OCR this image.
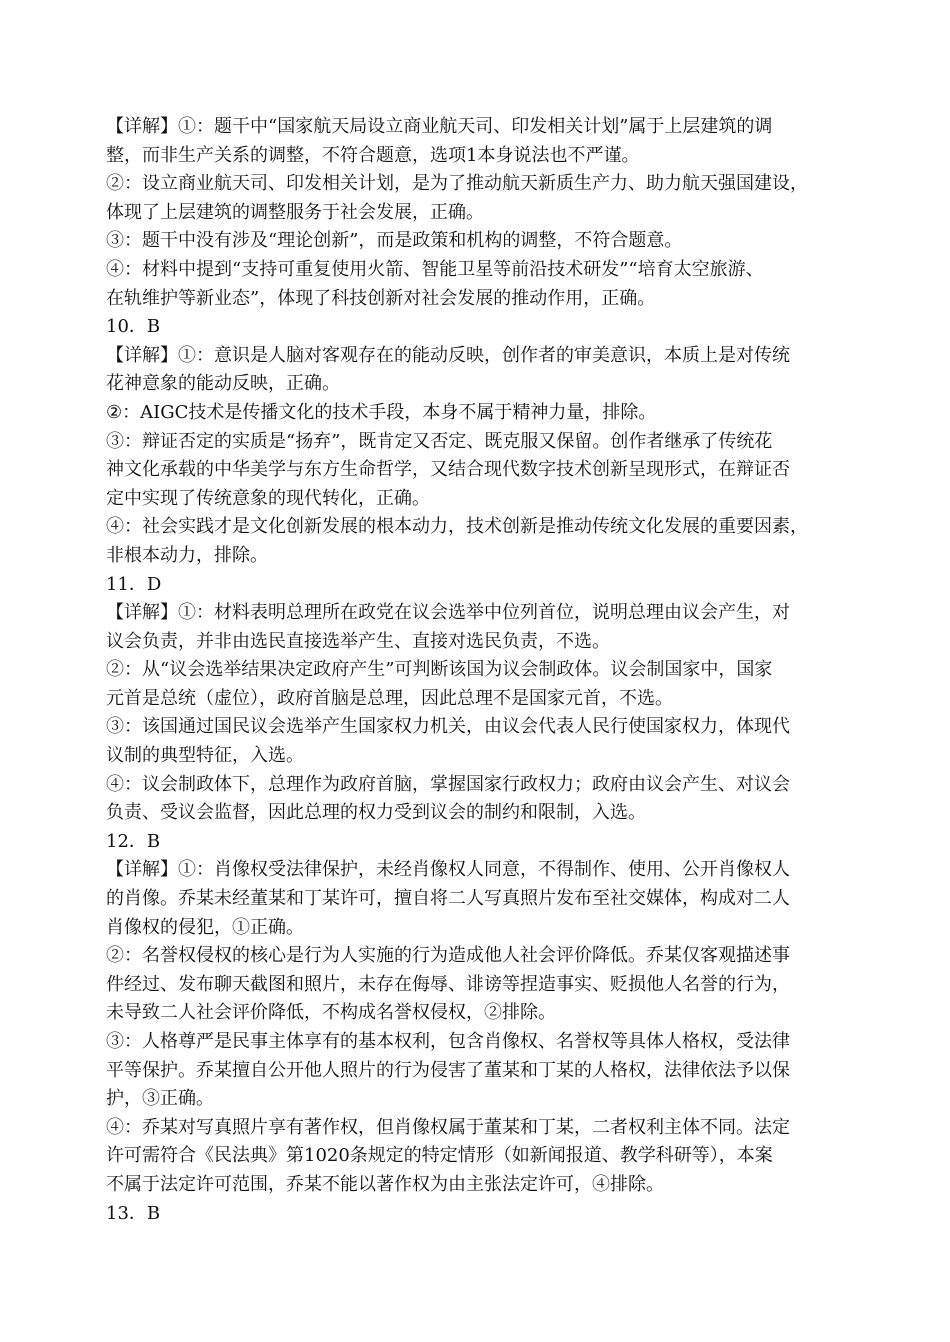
【详解】①：题干中“国家航天局设立商业航天司、印发相关计划”属于上层建筑的调
整，而非生产关系的调整，不符合题意，选项1本身说法也不严谨。
②：设立商业航天司、印发相关计划，是为了推动航天新质生产力、助力航天强国建设，
体现了上层建筑的调整服务于社会发展，正确。
③：题干中没有涉及“理论创新”，而是政策和机构的调整，不符合题意。
④：材料中提到“支持可重复使用火箭、智能卫星等前沿技术研发”“培育太空旅游、
在轨维护等新业态”，体现了科技创新对社会发展的推动作用，正确。
10．B
【详解】①：意识是人脑对客观存在的能动反映，创作者的审美意识，本质上是对传统
花神意象的能动反映，正确。
②：AIGC技术是传播文化的技术手段，本身不属于精神力量，排除。
③：辩证否定的实质是“扬弃”，既肯定又否定、既克服又保留。创作者继承了传统花
神文化承载的中华美学与东方生命哲学，又结合现代数字技术创新呈现形式，在辩证否
定中实现了传统意象的现代转化，正确。
④：社会实践才是文化创新发展的根本动力，技术创新是推动传统文化发展的重要因素，
非根本动力，排除。
11．D
【详解】①：材料表明总理所在政党在议会选举中位列首位，说明总理由议会产生，对
议会负责，并非由选民直接选举产生、直接对选民负责，不选。
②：从“议会选举结果决定政府产生”可判断该国为议会制政体。议会制国家中，国家
元首是总统（虚位），政府首脑是总理，因此总理不是国家元首，不选。
③：该国通过国民议会选举产生国家权力机关，由议会代表人民行使国家权力，体现代
议制的典型特征，入选。
④：议会制政体下，总理作为政府首脑，掌握国家行政权力；政府由议会产生、对议会
负责、受议会监督，因此总理的权力受到议会的制约和限制，入选。
12．B
【详解】①：肖像权受法律保护，未经肖像权人同意，不得制作、使用、公开肖像权人
的肖像。乔某未经董某和丁某许可，擅自将二人写真照片发布至社交媒体，构成对二人
肖像权的侵犯，①正确。
②：名誉权侵权的核心是行为人实施的行为造成他人社会评价降低。乔某仅客观描述事
件经过、发布聊天截图和照片，未存在侮辱、诽谤等捏造事实、贬损他人名誉的行为，
未导致二人社会评价降低，不构成名誉权侵权，②排除。
③：人格尊严是民事主体享有的基本权利，包含肖像权、名誉权等具体人格权，受法律
平等保护。乔某擅自公开他人照片的行为侵害了董某和丁某的人格权，法律依法予以保
护，③正确。
④：乔某对写真照片享有著作权，但肖像权属于董某和丁某，二者权利主体不同。法定
许可需符合《民法典》第1020条规定的特定情形（如新闻报道、教学科研等），本案
不属于法定许可范围，乔某不能以著作权为由主张法定许可，④排除。
13．B
